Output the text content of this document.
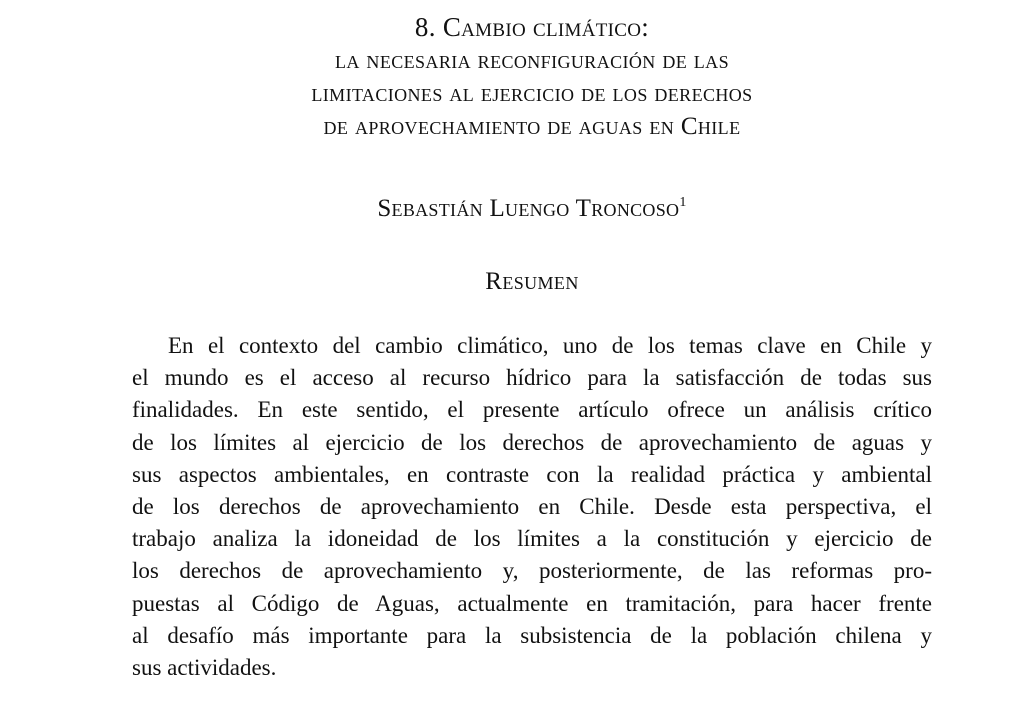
8. Cambio climático:
la necesaria reconfiguración de las
limitaciones al ejercicio de los derechos
de aprovechamiento de aguas en Chile
Sebastián Luengo Troncoso$^1$
Resumen
En el contexto del cambio climático, uno de los temas clave en Chile y
el mundo es el acceso al recurso hídrico para la satisfacción de todas sus
finalidades. En este sentido, el presente artículo ofrece un análisis crítico
de los límites al ejercicio de los derechos de aprovechamiento de aguas y
sus aspectos ambientales, en contraste con la realidad práctica y ambiental
de los derechos de aprovechamiento en Chile. Desde esta perspectiva, el
trabajo analiza la idoneidad de los límites a la constitución y ejercicio de
los derechos de aprovechamiento y, posteriormente, de las reformas pro-
puestas al Código de Aguas, actualmente en tramitación, para hacer frente
al desafío más importante para la subsistencia de la población chilena y
sus actividades.
